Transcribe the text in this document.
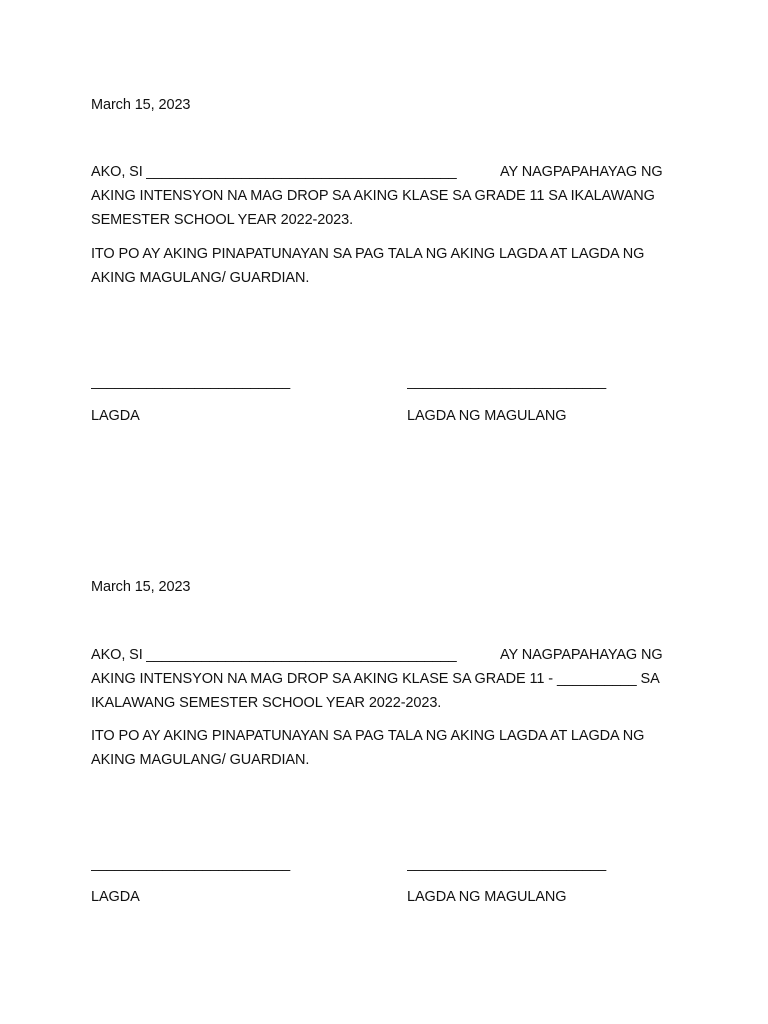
March 15, 2023
AKO, SI _______________________________________	AY NAGPAPAHAYAG NG
AKING INTENSYON NA MAG DROP SA AKING KLASE SA GRADE 11 SA IKALAWANG
SEMESTER SCHOOL YEAR 2022-2023.
ITO PO AY AKING PINAPATUNAYAN SA PAG TALA NG AKING LAGDA AT LAGDA NG
AKING MAGULANG/ GUARDIAN.
_________________________	_________________________
LAGDA	LAGDA NG MAGULANG
March 15, 2023
AKO, SI _______________________________________	AY NAGPAPAHAYAG NG
AKING INTENSYON NA MAG DROP SA AKING KLASE SA GRADE 11 - __________ SA
IKALAWANG SEMESTER SCHOOL YEAR 2022-2023.
ITO PO AY AKING PINAPATUNAYAN SA PAG TALA NG AKING LAGDA AT LAGDA NG
AKING MAGULANG/ GUARDIAN.
_________________________	_________________________
LAGDA	LAGDA NG MAGULANG
